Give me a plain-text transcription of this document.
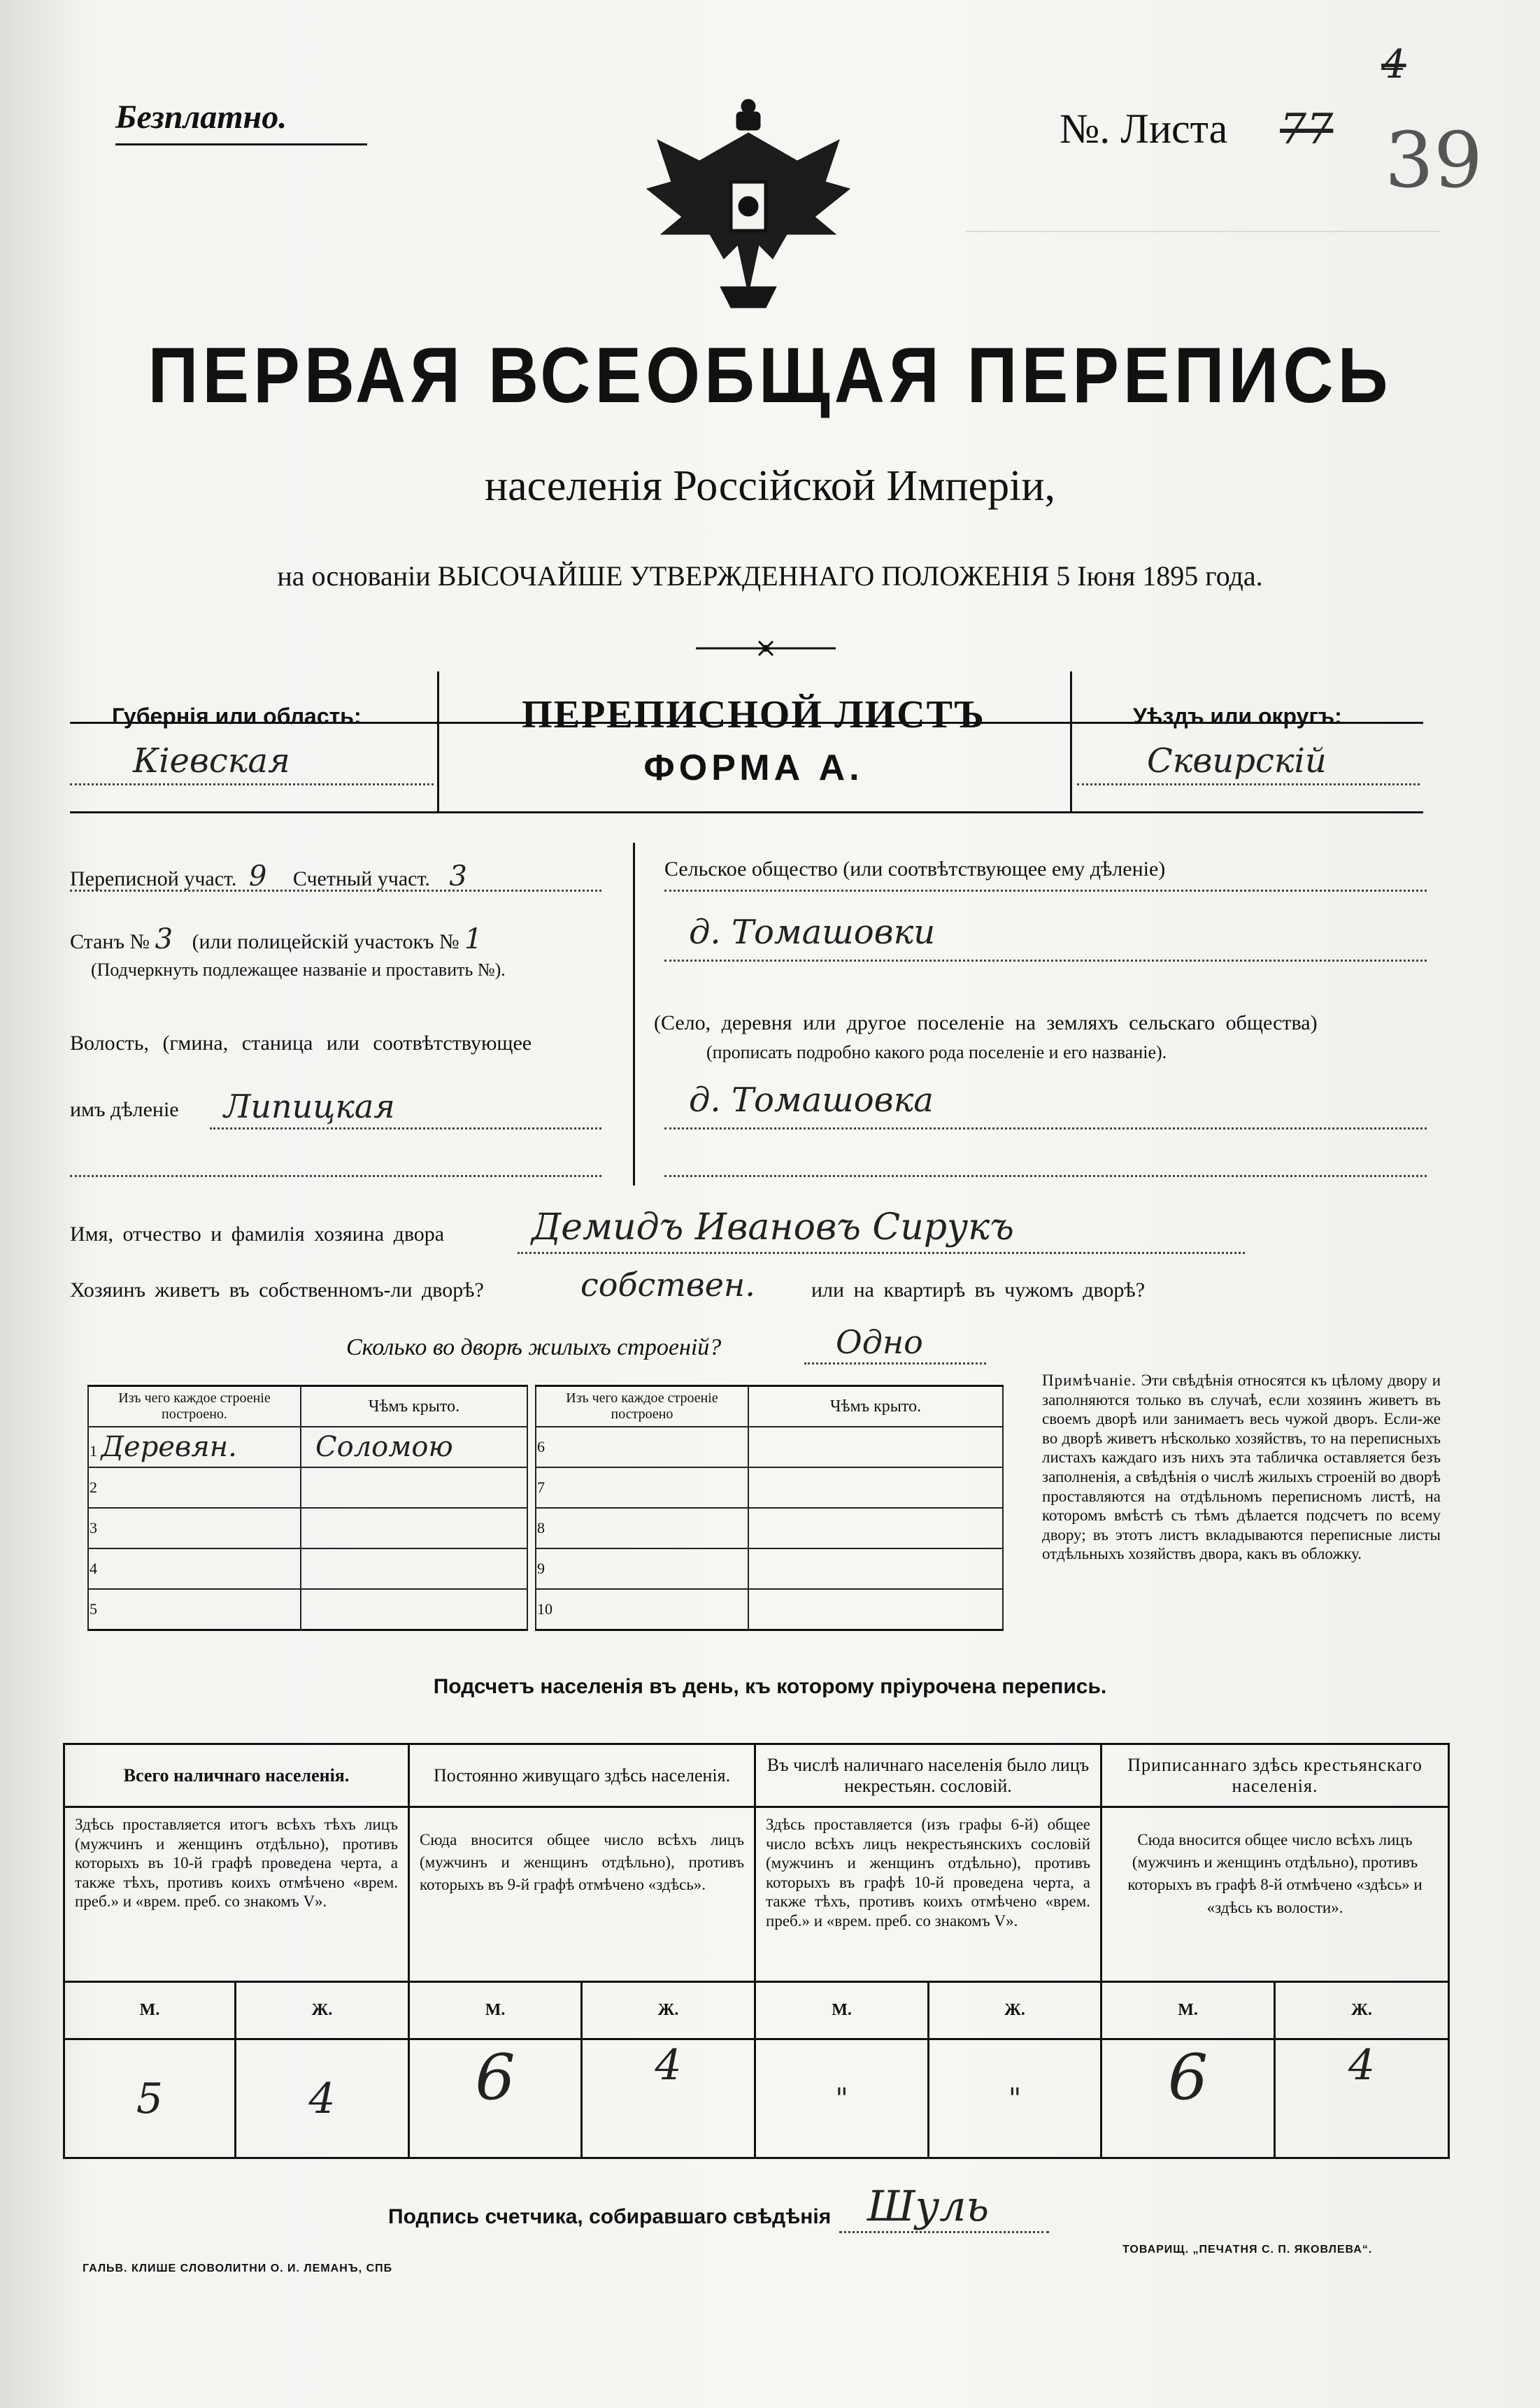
Безплатно.	№. Листа 77
4
39
ПЕРВАЯ ВСЕОБЩАЯ ПЕРЕПИСЬ
населенія Россійской Имперіи,
на основаніи ВЫСОЧАЙШЕ УТВЕРЖДЕННАГО ПОЛОЖЕНІЯ 5 Іюня 1895 года.
Губернія или область:
Кіевская
ПЕРЕПИСНОЙ ЛИСТЪ
ФОРМА А.
Уѣздъ или округъ:
Сквирскій
Переписной участ. 9 Счетный участ. 3
Станъ № 3 (или полицейскій участокъ № 1
(Подчеркнуть подлежащее названіе и проставить №).
Волость, (гмина, станица или соотвѣтствующее
имъ дѣленіе Липицкая
Сельское общество (или соотвѣтствующее ему дѣленіе)
д. Томашовки
(Село, деревня или другое поселеніе на земляхъ сельскаго общества)
(прописать подробно какого рода поселеніе и его названіе).
д. Томашовка
Имя, отчество и фамилія хозяина двора Демидъ Ивановъ Сирукъ
Хозяинъ живетъ въ собственномъ-ли дворѣ?	собствен.	или на квартирѣ въ чужомъ дворѣ?
Сколько во дворѣ жилыхъ строеній?	Одно
Изъ чего каждое строеніе построено.	Чѣмъ крыто.
1 Деревян.	Соломою
2	
3	
4	
5	
Изъ чего каждое строеніе построено	Чѣмъ крыто.
6	
7	
8	
9	
10	
Примѣчаніе. Эти свѣдѣнія относятся къ цѣлому двору и заполняются только въ случаѣ, если хозяинъ живетъ въ своемъ дворѣ или занимаетъ весь чужой дворъ. Если-же во дворѣ живетъ нѣсколько хозяйствъ, то на переписныхъ листахъ каждаго изъ нихъ эта табличка оставляется безъ заполненія, а свѣдѣнія о числѣ жилыхъ строеній во дворѣ проставляются на отдѣльномъ переписномъ листѣ, на которомъ вмѣстѣ съ тѣмъ дѣлается подсчетъ по всему двору; въ этотъ листъ вкладываются переписные листы отдѣльныхъ хозяйствъ двора, какъ въ обложку.
Подсчетъ населенія въ день, къ которому пріурочена перепись.
Всего наличнаго населенія.		Постоянно живущаго здѣсь населенія.		Въ числѣ наличнаго населенія было лицъ некрестьян. сословій.		Приписаннаго здѣсь крестьянскаго населенія.	
Здѣсь проставляется итогъ всѣхъ тѣхъ лицъ (мужчинъ и женщинъ отдѣльно), противъ которыхъ въ 10-й графѣ проведена черта, а также тѣхъ, противъ коихъ отмѣчено «врем. преб.» и «врем. преб. со знакомъ V».		Сюда вносится общее число всѣхъ лицъ (мужчинъ и женщинъ отдѣльно), противъ которыхъ въ 9-й графѣ отмѣчено «здѣсь».		Здѣсь проставляется (изъ графы 6-й) общее число всѣхъ лицъ некрестьянскихъ сословій (мужчинъ и женщинъ отдѣльно), противъ которыхъ въ графѣ 10-й проведена черта, а также тѣхъ, противъ коихъ отмѣчено «врем. преб.» и «врем. преб. со знакомъ V».		Сюда вносится общее число всѣхъ лицъ (мужчинъ и женщинъ отдѣльно), противъ которыхъ въ графѣ 8-й отмѣчено «здѣсь» и «здѣсь къ волости».	
М.	Ж.	М.	Ж.	М.	Ж.	М.	Ж.
5	4	6	4	"	"	6	4
Подпись счетчика, собиравшаго свѣдѣнія Шуль
ГАЛЬВ. КЛИШЕ СЛОВОЛИТНИ О. И. ЛЕМАНЪ, СПБ
ТОВАРИЩ. „ПЕЧАТНЯ С. П. ЯКОВЛЕВА“.
